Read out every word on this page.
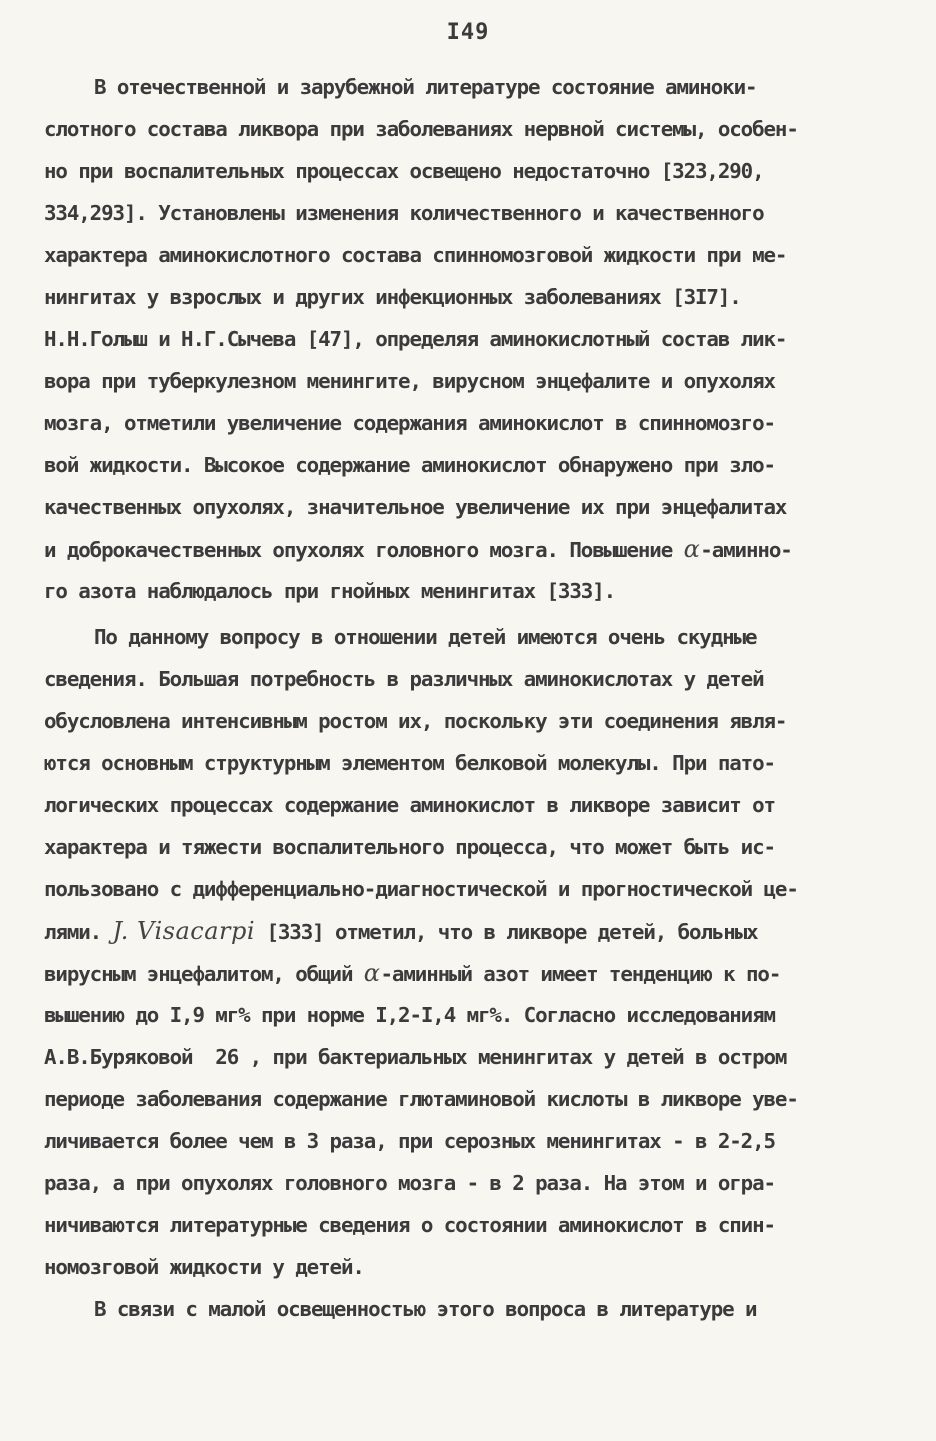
I49
В отечественной и зарубежной литературе состояние аминоки-
слотного состава ликвора при заболеваниях нервной системы, особен-
но при воспалительных процессах освещено недостаточно [323,290,
334,293]. Установлены изменения количественного и качественного
характера аминокислотного состава спинномозговой жидкости при ме-
нингитах у взрослых и других инфекционных заболеваниях [3I7].
Н.Н.Голыш и Н.Г.Сычева [47], определяя аминокислотный состав лик-
вора при туберкулезном менингите, вирусном энцефалите и опухолях
мозга, отметили увеличение содержания аминокислот в спинномозго-
вой жидкости. Высокое содержание аминокислот обнаружено при зло-
качественных опухолях, значительное увеличение их при энцефалитах
и доброкачественных опухолях головного мозга. Повышение α-аминно-
го азота наблюдалось при гнойных менингитах [333].
По данному вопросу в отношении детей имеются очень скудные
сведения. Большая потребность в различных аминокислотах у детей
обусловлена интенсивным ростом их, поскольку эти соединения явля-
ются основным структурным элементом белковой молекулы. При пато-
логических процессах содержание аминокислот в ликворе зависит от
характера и тяжести воспалительного процесса, что может быть ис-
пользовано с дифференциально-диагностической и прогностической це-
лями. J. Visacarpi [333] отметил, что в ликворе детей, больных
вирусным энцефалитом, общий α-аминный азот имеет тенденцию к по-
вышению до I,9 мг% при норме I,2-I,4 мг%. Согласно исследованиям
А.В.Буряковой  26 , при бактериальных менингитах у детей в остром
периоде заболевания содержание глютаминовой кислоты в ликворе уве-
личивается более чем в 3 раза, при серозных менингитах - в 2-2,5
раза, а при опухолях головного мозга - в 2 раза. На этом и огра-
ничиваются литературные сведения о состоянии аминокислот в спин-
номозговой жидкости у детей.
В связи с малой освещенностью этого вопроса в литературе и
